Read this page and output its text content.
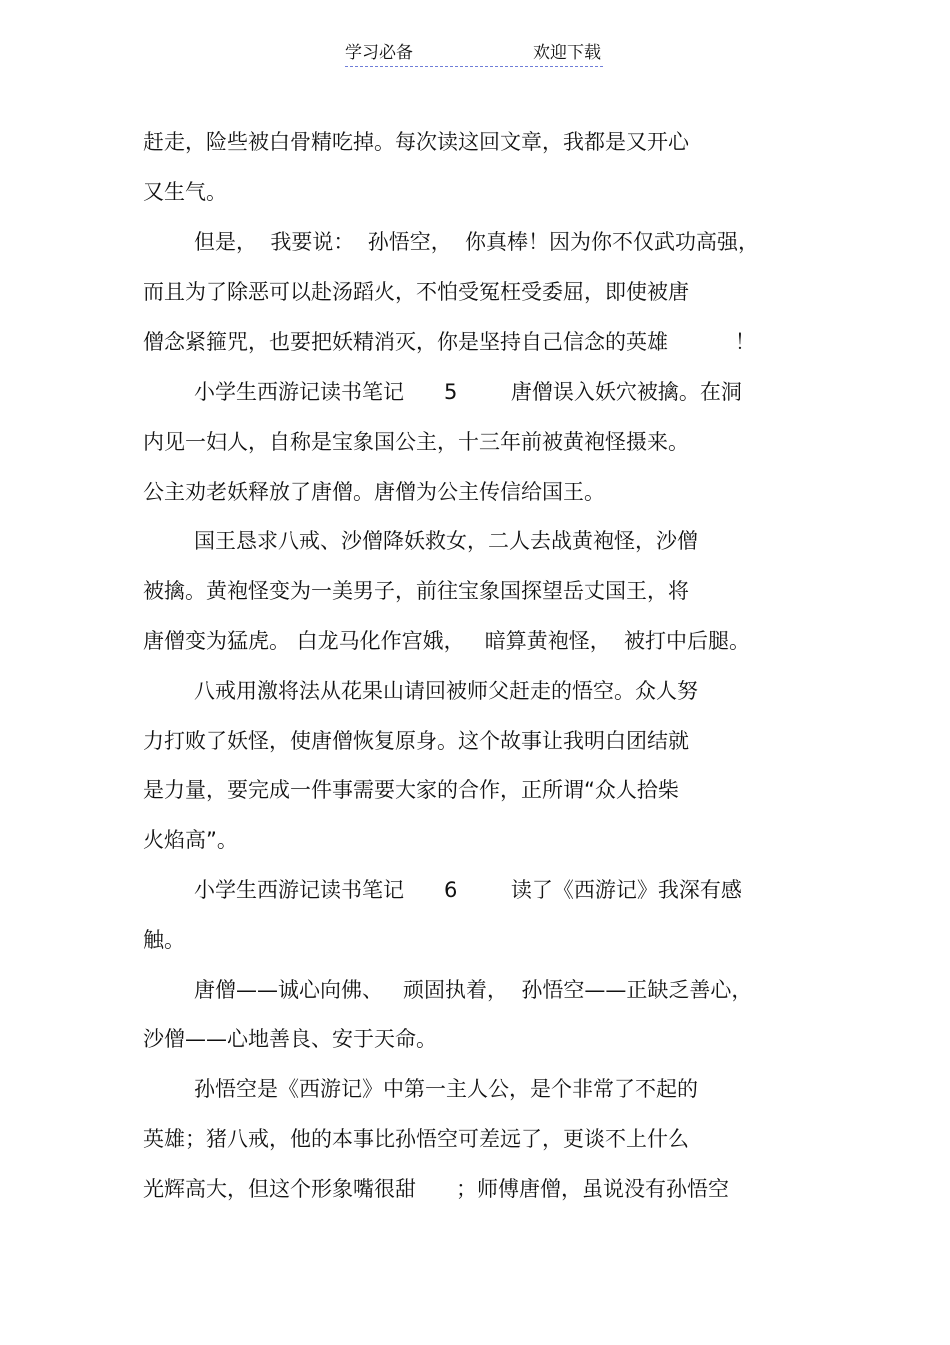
学习必备	欢迎下载
赶走，险些被白骨精吃掉。每次读这回文章，我都是又开心
又生气。
但是，  我要说：  孙悟空，  你真棒！因为你不仅武功高强，
而且为了除恶可以赴汤蹈火，不怕受冤枉受委屈，即使被唐
僧念紧箍咒，也要把妖精消灭，你是坚持自己信念的英雄          ！
小学生西游记读书笔记      5        唐僧误入妖穴被擒。在洞
内见一妇人，自称是宝象国公主，十三年前被黄袍怪摄来。
公主劝老妖释放了唐僧。唐僧为公主传信给国王。
国王恳求八戒、沙僧降妖救女，二人去战黄袍怪，沙僧
被擒。黄袍怪变为一美男子，前往宝象国探望岳丈国王，将
唐僧变为猛虎。 白龙马化作宫娥，   暗算黄袍怪，  被打中后腿。
八戒用激将法从花果山请回被师父赶走的悟空。众人努
力打败了妖怪，使唐僧恢复原身。这个故事让我明白团结就
是力量，要完成一件事需要大家的合作，正所谓“众人拾柴
火焰高”。
小学生西游记读书笔记      6        读了《西游记》我深有感
触。
唐僧——诚心向佛、   顽固执着，  孙悟空——正缺乏善心，
沙僧——心地善良、安于天命。
孙悟空是《西游记》中第一主人公，是个非常了不起的
英雄；猪八戒，他的本事比孙悟空可差远了，更谈不上什么
光辉高大，但这个形象嘴很甜      ；师傅唐僧，虽说没有孙悟空
